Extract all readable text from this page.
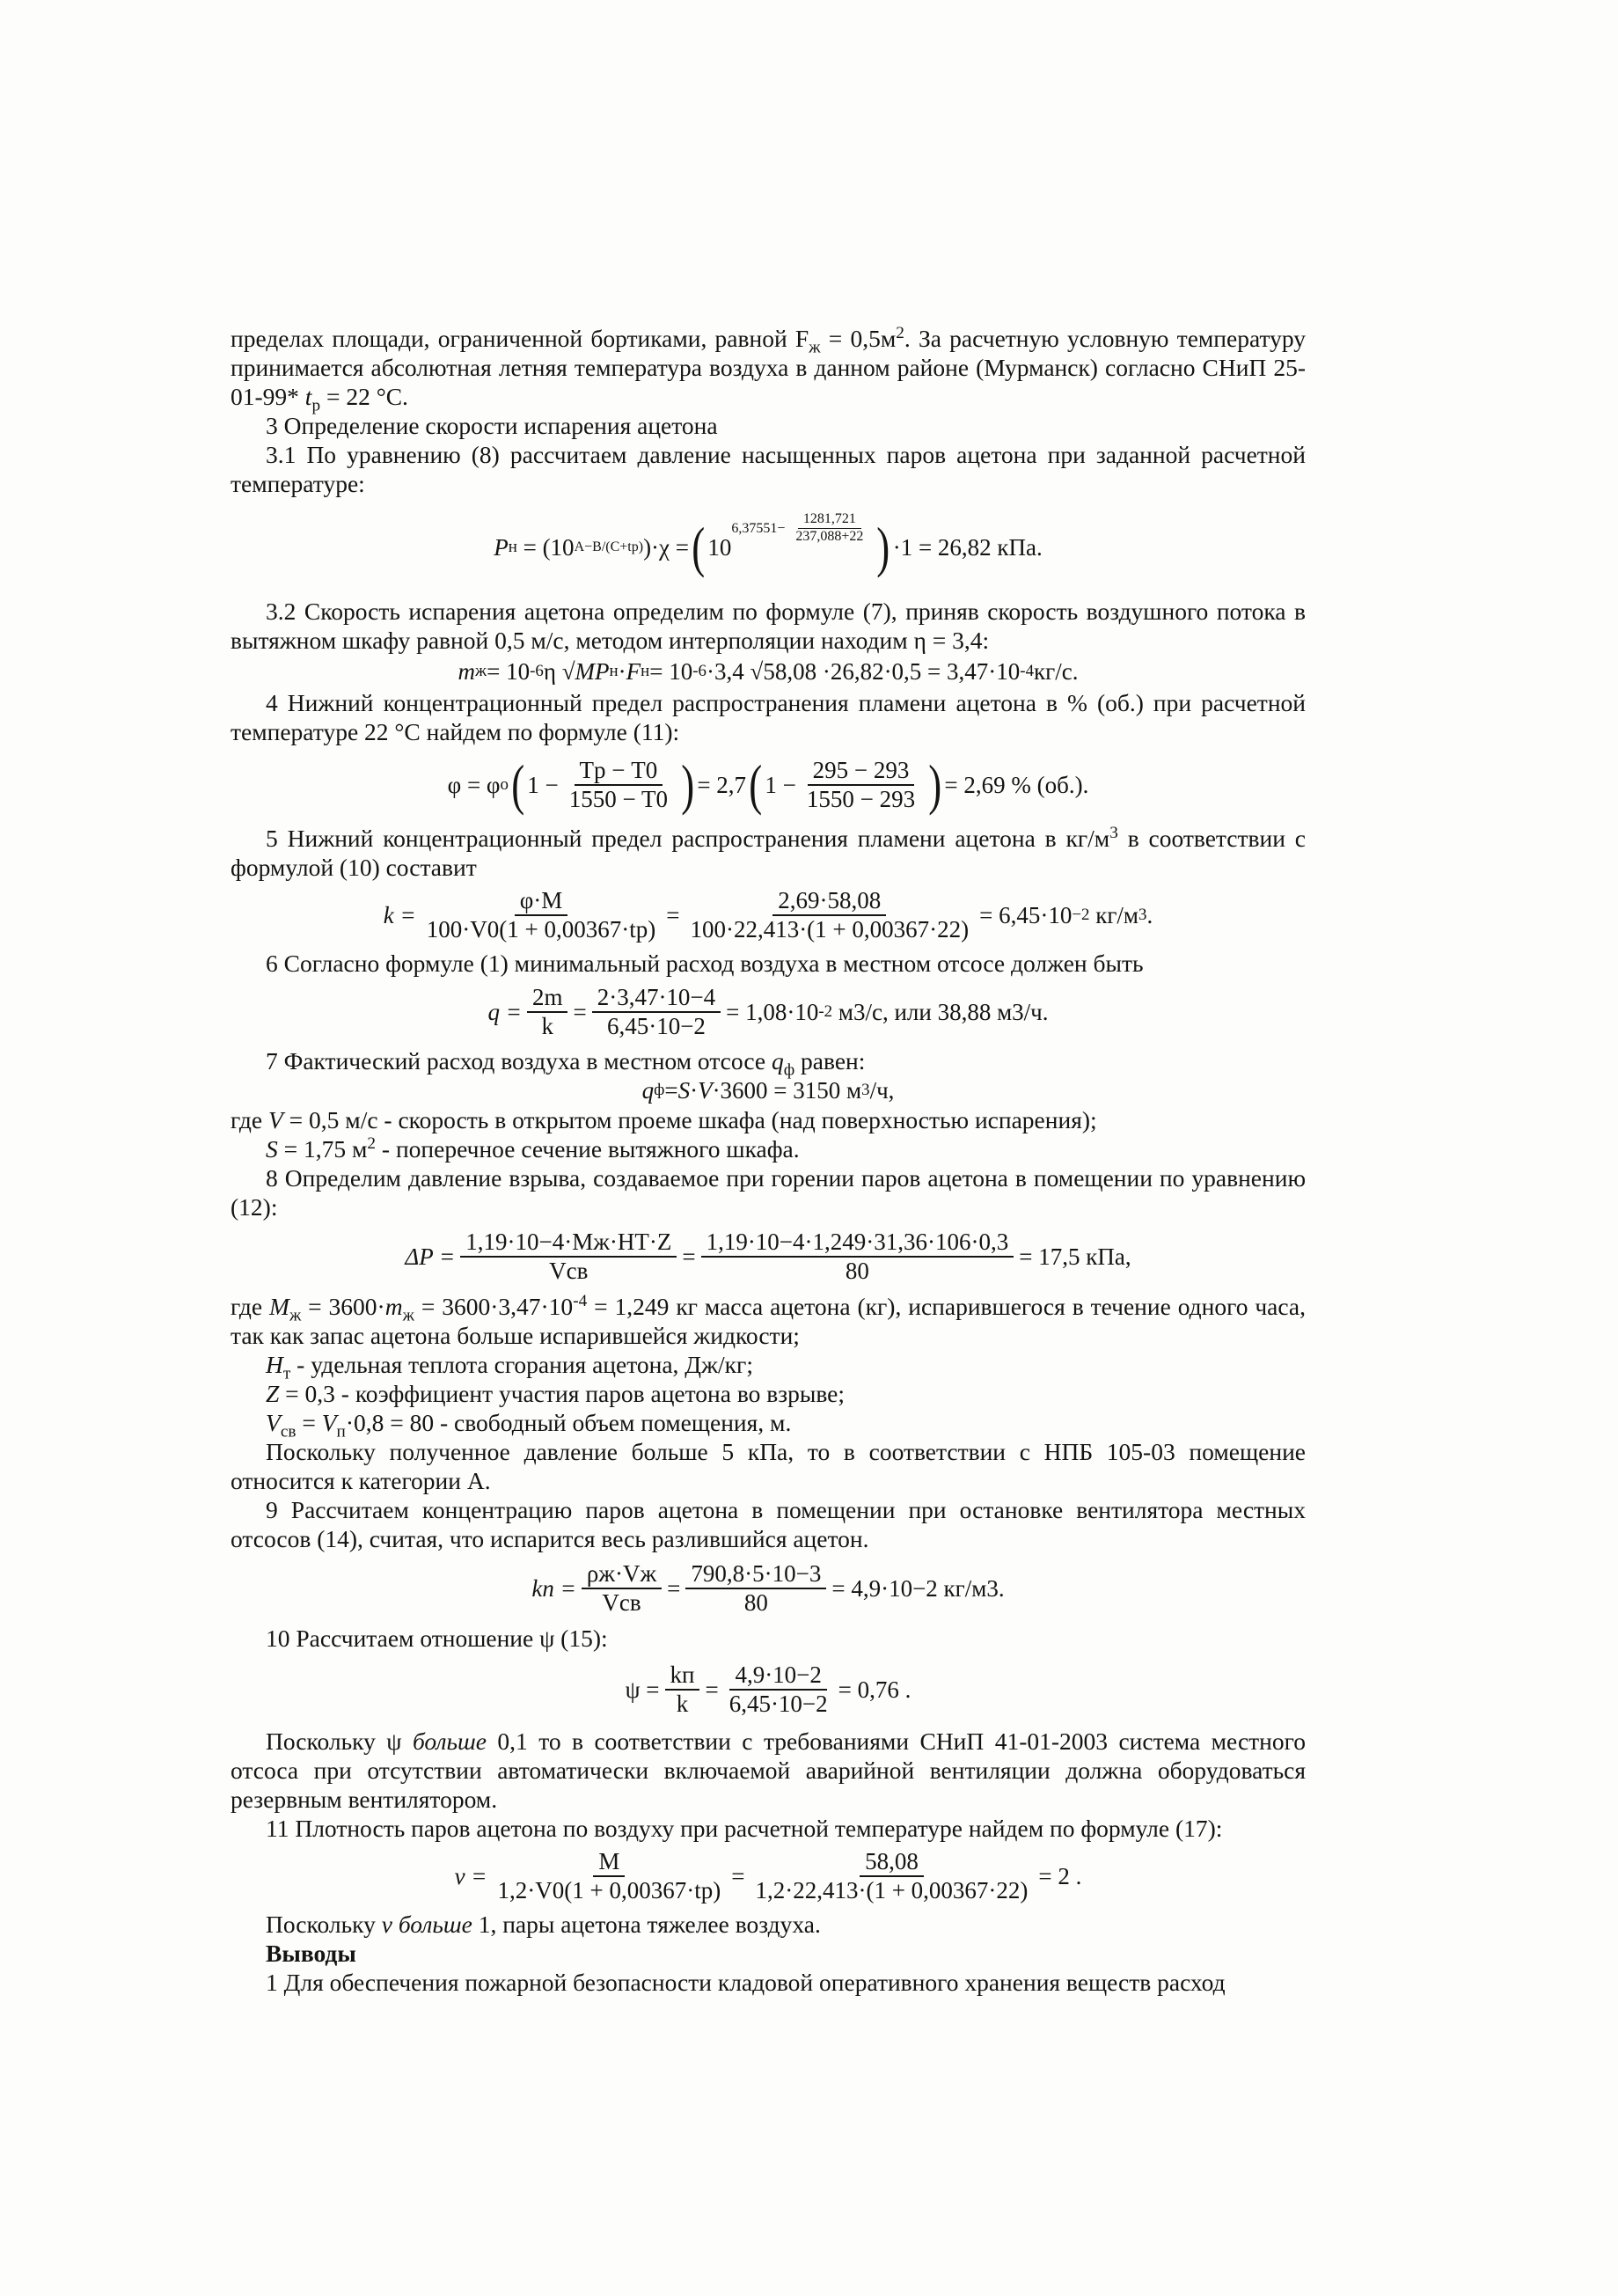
пределах площади, ограниченной бортиками, равной $F_ж = 0,5м^2$. За расчетную условную температуру принимается абсолютная летняя температура воздуха в данном районе (Мурманск) согласно СНиП 25-01-99* $t_р = 22$ °С.

3 Определение скорости испарения ацетона

3.1 По уравнению (8) рассчитаем давление насыщенных паров ацетона при заданной расчетной температуре:

P н
= (10 A−B/(C+tр) )·χ = ( 10
$6,37551- \frac{1281,721}{237,088+22}$ ) ·1 = 26,82 кПа.

3.2 Скорость испарения ацетона определим по формуле (7), приняв скорость воздушного потока в вытяжном шкафу равной 0,5 м/с, методом интерполяции находим η = 3,4:

m ж = 10 -6 η √ M P н · F н = 10 -6 ·3,4 √58,08 ·26,82·0,5 = 3,47·10 -4 кг/с.

4 Нижний концентрационный предел распространения пламени ацетона в % (об.) при расчетной температуре 22 °С найдем по формуле (11):

φ = φ о ( $1 - \frac{Tр - T0}{1550 - T0}$ ) = 2,7 ( $1 - \frac{295 - 293}{1550 - 293}$ ) = 2,69 % (об.).

5 Нижний концентрационный предел распространения пламени ацетона в $кг/м^3$ в соответствии с формулой (10) составит

$k = \frac{\varphi\cdot M}{100\cdot V0(1 + 0,00367\cdot tр)} = \frac{2,69\cdot 58,08}{100\cdot 22,413\cdot(1 + 0,00367\cdot 22)} = 6,45\cdot 10 -2$
кг/м 3 .

6 Согласно формуле (1) минимальный расход воздуха в местном отсосе должен быть

$q = \frac{2m}{k} = \frac{2\cdot 3,47\cdot 10-4}{6,45\cdot 10-2} = 1,08\cdot 10$ -2
м3/с, или 38,88 м3/ч.

7 Фактический расход воздуха в местном отсосе $q_ф$ равен:

q ф = S · V ·3600 = 3150 м 3 /ч,

где V = 0,5 м/с - скорость в открытом проеме шкафа (над поверхностью испарения);

S = 1,75 $м^2$ - поперечное сечение вытяжного шкафа.

8 Определим давление взрыва, создаваемое при горении паров ацетона в помещении по уравнению (12):

$\Delta P = \frac{1,19\cdot 10-4\cdot Mж\cdot HТ\cdot Z}{\text{Vсв}} = \frac{1,19\cdot 10-4\cdot 1,249\cdot 31,36\cdot 106\cdot 0,3}{80} = 17,5$ кПа,

где $M_ж = 3600\cdot m_ж = 3600\cdot 3,47\cdot 10^{-4} = 1,249$ кг масса ацетона (кг), испарившегося в течение одного часа, так как запас ацетона больше испарившейся жидкости;

$H_т$ - удельная теплота сгорания ацетона, Дж/кг;

Z = 0,3 - коэффициент участия паров ацетона во взрыве;

$V_{св} = V_п\cdot 0,8 = 80$ - свободный объем помещения, м.

Поскольку полученное давление больше 5 кПа, то в соответствии с НПБ 105-03 помещение относится к категории А.

9 Рассчитаем концентрацию паров ацетона в помещении при остановке вентилятора местных отсосов (14), считая, что испарится весь разлившийся ацетон.

kп = $\frac{\rho ж\cdot Vж}{\text{Vсв}} = \frac{790,8\cdot 5\cdot 10-3}{80} = 4,9\cdot 10-2$ кг/м3.

10 Рассчитаем отношение ψ (15):

$\psi = \frac{kп}{k} = \frac{4,9\cdot 10-2}{6,45\cdot 10-2} = 0,76$ .

Поскольку ψ больше 0,1 то в соответствии с требованиями СНиП 41-01-2003 система местного отсоса при отсутствии автоматически включаемой аварийной вентиляции должна оборудоваться резервным вентилятором.

11 Плотность паров ацетона по воздуху при расчетной температуре найдем по формуле (17):

$v = \frac{M}{1,2\cdot V0(1 + 0,00367\cdot tр)} = \frac{58,08}{1,2\cdot 22,413\cdot(1 + 0,00367\cdot 22)} = 2$ .

Поскольку v больше 1, пары ацетона тяжелее воздуха.

Выводы

1 Для обеспечения пожарной безопасности кладовой оперативного хранения веществ расход
